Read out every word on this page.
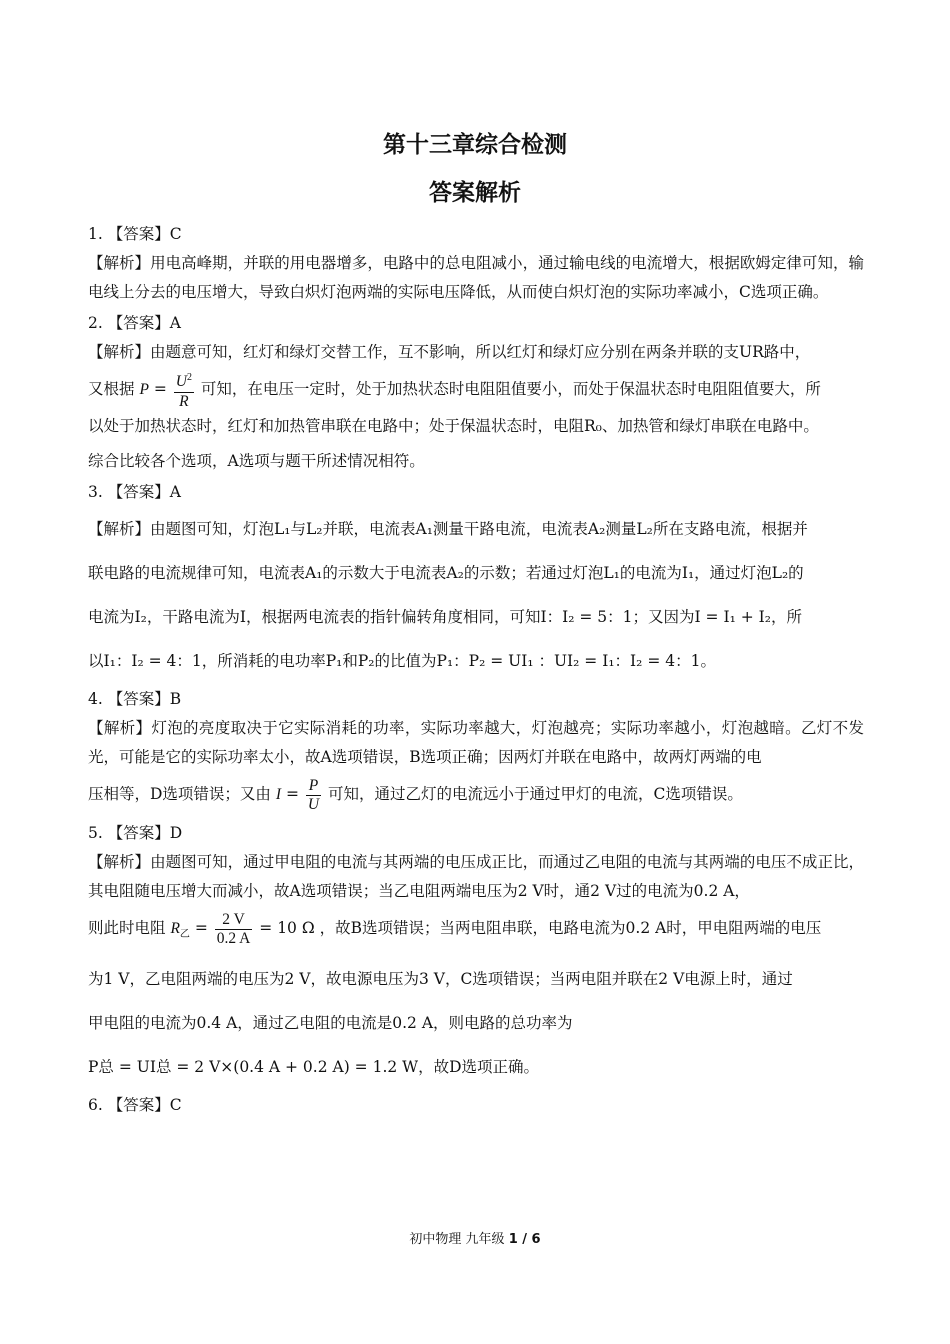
第十三章综合检测
答案解析

1. 【答案】C

【解析】用电高峰期，并联的用电器增多，电路中的总电阻减小，通过输电线的电流增大，根据欧姆定律可知，输电线上分去的电压增大，导致白炽灯泡两端的实际电压降低，从而使白炽灯泡的实际功率减小，C选项正确。

2. 【答案】A

【解析】由题意可知，红灯和绿灯交替工作，互不影响，所以红灯和绿灯应分别在两条并联的支UR路中，

又根据 $P = \frac{U^2}{R}$ 可知，在电压一定时，处于加热状态时电阻阻值要小，而处于保温状态时电阻阻值要大，所

以处于加热状态时，红灯和加热管串联在电路中；处于保温状态时，电阻R₀、加热管和绿灯串联在电路中。

综合比较各个选项，A选项与题干所述情况相符。

3. 【答案】A

【解析】由题图可知，灯泡L₁与L₂并联，电流表A₁测量干路电流，电流表A₂测量L₂所在支路电流，根据并

联电路的电流规律可知，电流表A₁的示数大于电流表A₂的示数；若通过灯泡L₁的电流为I₁，通过灯泡L₂的

电流为I₂，干路电流为I，根据两电流表的指针偏转角度相同，可知I：I₂ = 5：1；又因为I = I₁ + I₂，所

以I₁：I₂ = 4：1，所消耗的电功率P₁和P₂的比值为P₁：P₂ = UI₁ ：UI₂ = I₁：I₂ = 4：1。

4. 【答案】B

【解析】灯泡的亮度取决于它实际消耗的功率，实际功率越大，灯泡越亮；实际功率越小，灯泡越暗。乙灯不发光，可能是它的实际功率太小，故A选项错误，B选项正确；因两灯并联在电路中，故两灯两端的电

压相等，D选项错误；又由 $I = \frac{P}{U}$ 可知，通过乙灯的电流远小于通过甲灯的电流，C选项错误。

5. 【答案】D

【解析】由题图可知，通过甲电阻的电流与其两端的电压成正比，而通过乙电阻的电流与其两端的电压不成正比，其电阻随电压增大而减小，故A选项错误；当乙电阻两端电压为2 V时，通2 V过的电流为0.2 A，

则此时电阻 $R_乙 = \frac{2 V}{0.2 A} = 10$ Ω ，故B选项错误；当两电阻串联，电路电流为0.2 A时，甲电阻两端的电压

为1 V，乙电阻两端的电压为2 V，故电源电压为3 V，C选项错误；当两电阻并联在2 V电源上时，通过

甲电阻的电流为0.4 A，通过乙电阻的电流是0.2 A，则电路的总功率为

P总 = UI总 = 2 V×(0.4 A + 0.2 A) = 1.2 W，故D选项正确。

6. 【答案】C

初中物理 九年级 1 / 6
